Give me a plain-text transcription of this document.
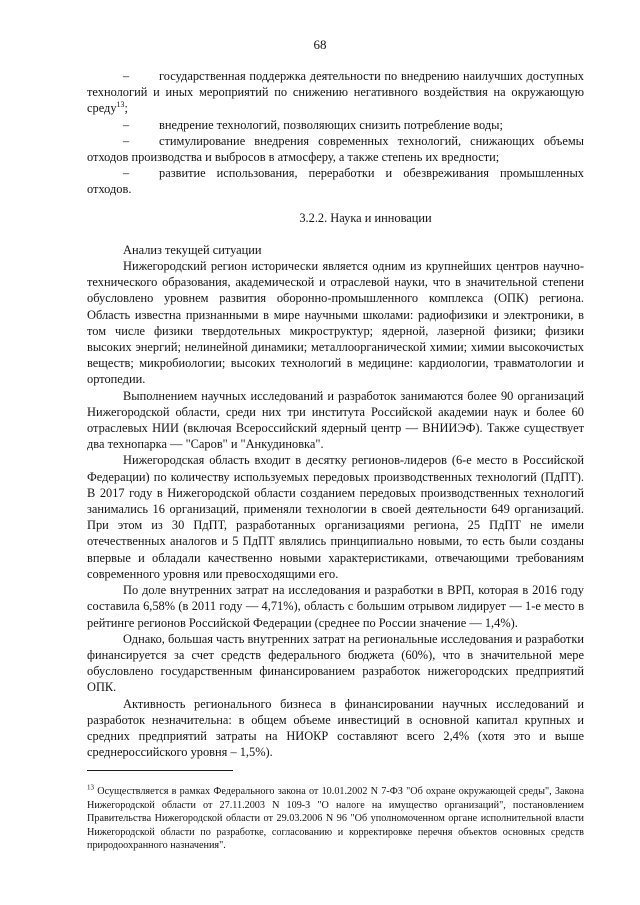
68

– государственная поддержка деятельности по внедрению наилучших доступных технологий и иных мероприятий по снижению негативного воздействия на окружающую среду$^{13}$;

– внедрение технологий, позволяющих снизить потребление воды;

– стимулирование внедрения современных технологий, снижающих объемы отходов производства и выбросов в атмосферу, а также степень их вредности;

– развитие использования, переработки и обезвреживания промышленных отходов.

3.2.2. Наука и инновации

Анализ текущей ситуации

Нижегородский регион исторически является одним из крупнейших центров научно-технического образования, академической и отраслевой науки, что в значительной степени обусловлено уровнем развития оборонно-промышленного комплекса (ОПК) региона. Область известна признанными в мире научными школами: радиофизики и электроники, в том числе физики твердотельных микроструктур; ядерной, лазерной физики; физики высоких энергий; нелинейной динамики; металлоорганической химии; химии высокочистых веществ; микробиологии; высоких технологий в медицине: кардиологии, травматологии и ортопедии.

Выполнением научных исследований и разработок занимаются более 90 организаций Нижегородской области, среди них три института Российской академии наук и более 60 отраслевых НИИ (включая Всероссийский ядерный центр — ВНИИЭФ). Также существует два технопарка — "Саров" и "Анкудиновка".

Нижегородская область входит в десятку регионов-лидеров (6-е место в Российской Федерации) по количеству используемых передовых производственных технологий (ПдПТ). В 2017 году в Нижегородской области созданием передовых производственных технологий занимались 16 организаций, применяли технологии в своей деятельности 649 организаций. При этом из 30 ПдПТ, разработанных организациями региона, 25 ПдПТ не имели отечественных аналогов и 5 ПдПТ являлись принципиально новыми, то есть были созданы впервые и обладали качественно новыми характеристиками, отвечающими требованиям современного уровня или превосходящими его.

По доле внутренних затрат на исследования и разработки в ВРП, которая в 2016 году составила 6,58% (в 2011 году — 4,71%), область с большим отрывом лидирует — 1-е место в рейтинге регионов Российской Федерации (среднее по России значение — 1,4%).

Однако, большая часть внутренних затрат на региональные исследования и разработки финансируется за счет средств федерального бюджета (60%), что в значительной мере обусловлено государственным финансированием разработок нижегородских предприятий ОПК.

Активность регионального бизнеса в финансировании научных исследований и разработок незначительна: в общем объеме инвестиций в основной капитал крупных и средних предприятий затраты на НИОКР составляют всего 2,4% (хотя это и выше среднероссийского уровня – 1,5%).

$^{13}$ Осуществляется в рамках Федерального закона от 10.01.2002 N 7-ФЗ "Об охране окружающей среды", Закона Нижегородской области от 27.11.2003 N 109-З "О налоге на имущество организаций", постановлением Правительства Нижегородской области от 29.03.2006 N 96 "Об уполномоченном органе исполнительной власти Нижегородской области по разработке, согласованию и корректировке перечня объектов основных средств природоохранного назначения".
